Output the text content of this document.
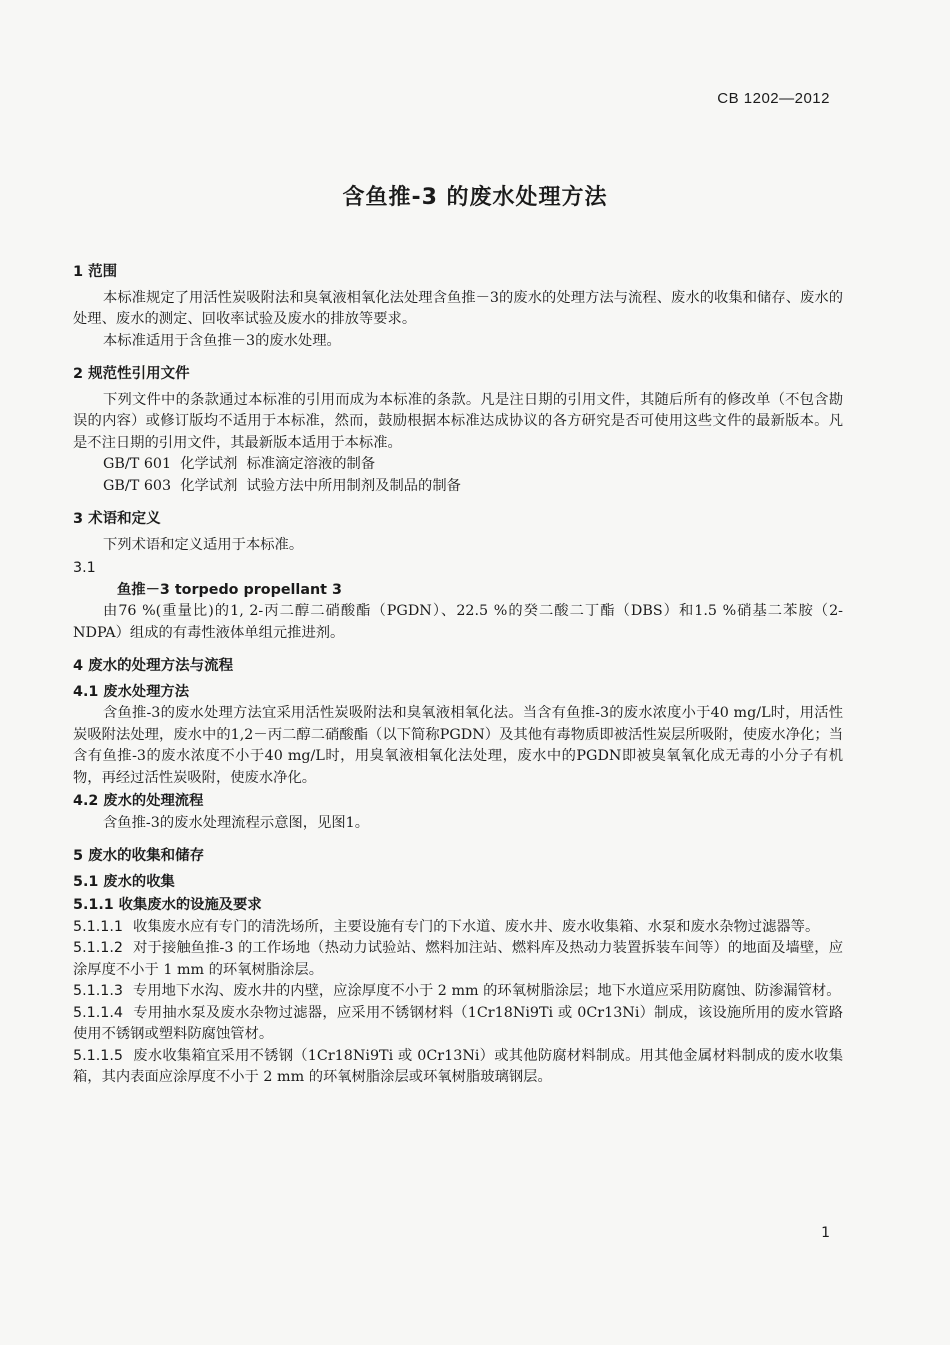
CB 1202—2012
含鱼推-3 的废水处理方法
1 范围

本标准规定了用活性炭吸附法和臭氧液相氧化法处理含鱼推－3的废水的处理方法与流程、废水的收集和储存、废水的处理、废水的测定、回收率试验及废水的排放等要求。

本标准适用于含鱼推－3的废水处理。

2 规范性引用文件

下列文件中的条款通过本标准的引用而成为本标准的条款。凡是注日期的引用文件，其随后所有的修改单（不包含勘误的内容）或修订版均不适用于本标准，然而，鼓励根据本标准达成协议的各方研究是否可使用这些文件的最新版本。凡是不注日期的引用文件，其最新版本适用于本标准。

GB/T 601  化学试剂  标准滴定溶液的制备
GB/T 603  化学试剂  试验方法中所用制剂及制品的制备
3 术语和定义

下列术语和定义适用于本标准。

3.1
鱼推－3 torpedo propellant 3

由76 %(重量比)的1, 2-丙二醇二硝酸酯（PGDN）、22.5 %的癸二酸二丁酯（DBS）和1.5 %硝基二苯胺（2-NDPA）组成的有毒性液体单组元推进剂。

4 废水的处理方法与流程
4.1 废水处理方法

含鱼推-3的废水处理方法宜采用活性炭吸附法和臭氧液相氧化法。当含有鱼推-3的废水浓度小于40 mg/L时，用活性炭吸附法处理，废水中的1,2－丙二醇二硝酸酯（以下简称PGDN）及其他有毒物质即被活性炭层所吸附，使废水净化；当含有鱼推-3的废水浓度不小于40 mg/L时，用臭氧液相氧化法处理，废水中的PGDN即被臭氧氧化成无毒的小分子有机物，再经过活性炭吸附，使废水净化。

4.2 废水的处理流程

含鱼推-3的废水处理流程示意图，见图1。

5 废水的收集和储存
5.1 废水的收集
5.1.1 收集废水的设施及要求

5.1.1.1 收集废水应有专门的清洗场所，主要设施有专门的下水道、废水井、废水收集箱、水泵和废水杂物过滤器等。

5.1.1.2 对于接触鱼推-3 的工作场地（热动力试验站、燃料加注站、燃料库及热动力装置拆装车间等）的地面及墙壁，应涂厚度不小于 1 mm 的环氧树脂涂层。

5.1.1.3 专用地下水沟、废水井的内壁，应涂厚度不小于 2 mm 的环氧树脂涂层；地下水道应采用防腐蚀、防渗漏管材。

5.1.1.4 专用抽水泵及废水杂物过滤器，应采用不锈钢材料（1Cr18Ni9Ti 或 0Cr13Ni）制成，该设施所用的废水管路使用不锈钢或塑料防腐蚀管材。

5.1.1.5 废水收集箱宜采用不锈钢（1Cr18Ni9Ti 或 0Cr13Ni）或其他防腐材料制成。用其他金属材料制成的废水收集箱，其内表面应涂厚度不小于 2 mm 的环氧树脂涂层或环氧树脂玻璃钢层。

1
